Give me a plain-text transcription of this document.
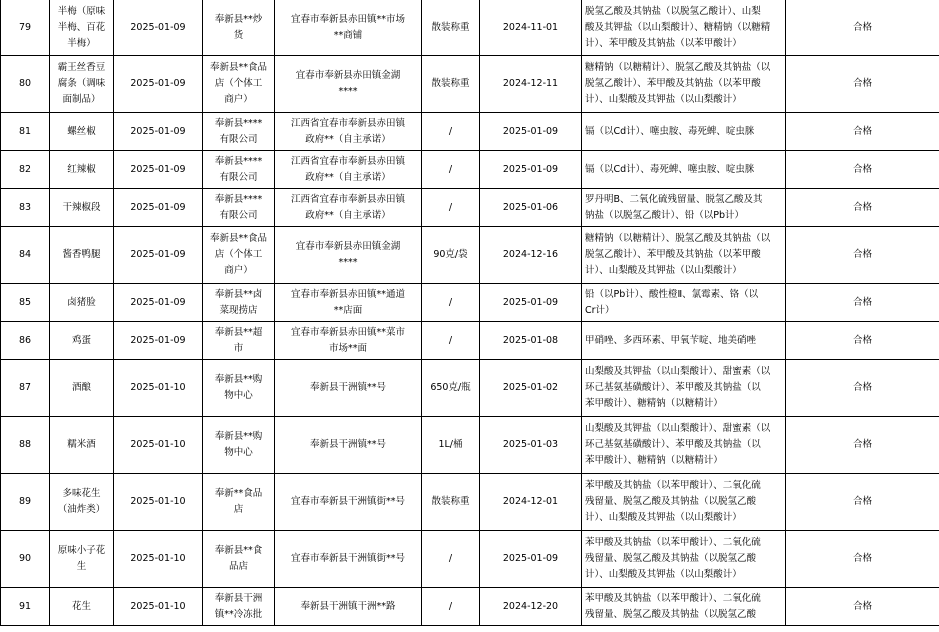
79	半梅（原味
半梅、百花
半梅）	2025-01-09	奉新县**炒
货	宜春市奉新县赤田镇**市场
**商铺	散装称重	2024-11-01	脱氢乙酸及其钠盐（以脱氢乙酸计）、山梨
酸及其钾盐（以山梨酸计）、糖精钠（以糖精
计）、苯甲酸及其钠盐（以苯甲酸计）	合格
80	霸王丝香豆
腐条（调味
面制品）	2025-01-09	奉新县**食品
店（个体工
商户）	宜春市奉新县赤田镇金湖
****	散装称重	2024-12-11	糖精钠（以糖精计）、脱氢乙酸及其钠盐（以
脱氢乙酸计）、苯甲酸及其钠盐（以苯甲酸
计）、山梨酸及其钾盐（以山梨酸计）	合格
81	螺丝椒	2025-01-09	奉新县****
有限公司	江西省宜春市奉新县赤田镇
政府**（自主承诺）	/	2025-01-09	镉（以Cd计）、噻虫胺、毒死蜱、啶虫脒	合格
82	红辣椒	2025-01-09	奉新县****
有限公司	江西省宜春市奉新县赤田镇
政府**（自主承诺）	/	2025-01-09	镉（以Cd计）、毒死蜱、噻虫胺、啶虫脒	合格
83	干辣椒段	2025-01-09	奉新县****
有限公司	江西省宜春市奉新县赤田镇
政府**（自主承诺）	/	2025-01-06	罗丹明B、二氧化硫残留量、脱氢乙酸及其
钠盐（以脱氢乙酸计）、铅（以Pb计）	合格
84	酱香鸭腿	2025-01-09	奉新县**食品
店（个体工
商户）	宜春市奉新县赤田镇金湖
****	90克/袋	2024-12-16	糖精钠（以糖精计）、脱氢乙酸及其钠盐（以
脱氢乙酸计）、苯甲酸及其钠盐（以苯甲酸
计）、山梨酸及其钾盐（以山梨酸计）	合格
85	卤猪脸	2025-01-09	奉新县**卤
菜现捞店	宜春市奉新县赤田镇**通道
**店面	/	2025-01-09	铅（以Pb计）、酸性橙Ⅱ、氯霉素、铬（以
Cr计）	合格
86	鸡蛋	2025-01-09	奉新县**超
市	宜春市奉新县赤田镇**菜市
市场**面	/	2025-01-08	甲硝唑、多西环素、甲氧苄啶、地美硝唑	合格
87	酒酿	2025-01-10	奉新县**购
物中心	奉新县干洲镇**号	650克/瓶	2025-01-02	山梨酸及其钾盐（以山梨酸计）、甜蜜素（以
环己基氨基磺酸计）、苯甲酸及其钠盐（以
苯甲酸计）、糖精钠（以糖精计）	合格
88	糯米酒	2025-01-10	奉新县**购
物中心	奉新县干洲镇**号	1L/桶	2025-01-03	山梨酸及其钾盐（以山梨酸计）、甜蜜素（以
环己基氨基磺酸计）、苯甲酸及其钠盐（以
苯甲酸计）、糖精钠（以糖精计）	合格
89	多味花生
（油炸类）	2025-01-10	奉新**食品
店	宜春市奉新县干洲镇街**号	散装称重	2024-12-01	苯甲酸及其钠盐（以苯甲酸计）、二氧化硫
残留量、脱氢乙酸及其钠盐（以脱氢乙酸
计）、山梨酸及其钾盐（以山梨酸计）	合格
90	原味小子花
生	2025-01-10	奉新县**食
品店	宜春市奉新县干洲镇街**号	/	2025-01-09	苯甲酸及其钠盐（以苯甲酸计）、二氧化硫
残留量、脱氢乙酸及其钠盐（以脱氢乙酸
计）、山梨酸及其钾盐（以山梨酸计）	合格
91	花生	2025-01-10	奉新县干洲
镇**冷冻批	奉新县干洲镇干洲**路	/	2024-12-20	苯甲酸及其钠盐（以苯甲酸计）、二氧化硫
残留量、脱氢乙酸及其钠盐（以脱氢乙酸	合格
